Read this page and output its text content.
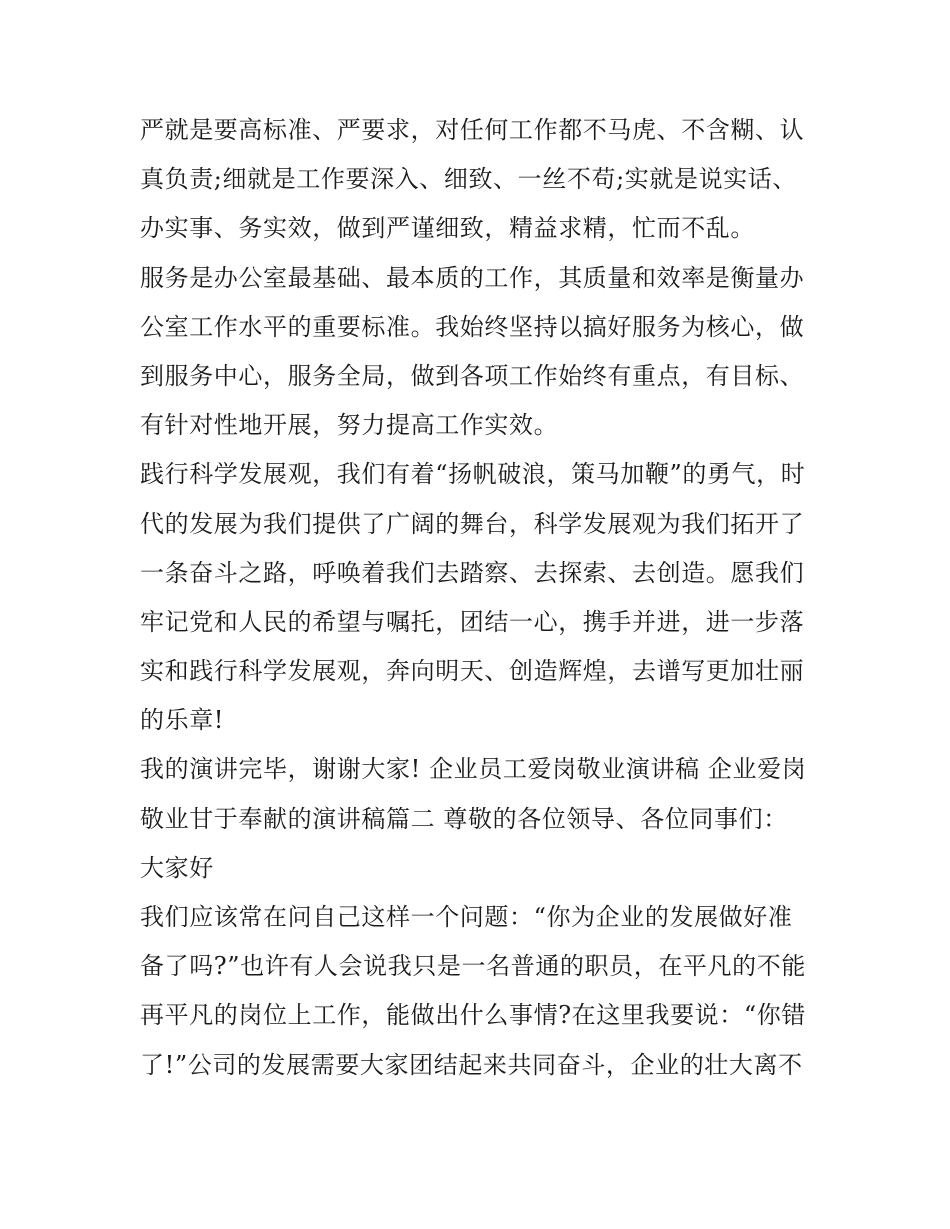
严就是要高标准、严要求，对任何工作都不马虎、不含糊、认
真负责;细就是工作要深入、细致、一丝不苟;实就是说实话、
办实事、务实效，做到严谨细致，精益求精，忙而不乱。
服务是办公室最基础、最本质的工作，其质量和效率是衡量办
公室工作水平的重要标准。我始终坚持以搞好服务为核心，做
到服务中心，服务全局，做到各项工作始终有重点，有目标、
有针对性地开展，努力提高工作实效。
践行科学发展观，我们有着“扬帆破浪，策马加鞭”的勇气，时
代的发展为我们提供了广阔的舞台，科学发展观为我们拓开了
一条奋斗之路，呼唤着我们去踏察、去探索、去创造。愿我们
牢记党和人民的希望与嘱托，团结一心，携手并进，进一步落
实和践行科学发展观，奔向明天、创造辉煌，去谱写更加壮丽
的乐章!
我的演讲完毕，谢谢大家! 企业员工爱岗敬业演讲稿 企业爱岗
敬业甘于奉献的演讲稿篇二 尊敬的各位领导、各位同事们：
大家好
我们应该常在问自己这样一个问题：“你为企业的发展做好准
备了吗?”也许有人会说我只是一名普通的职员，在平凡的不能
再平凡的岗位上工作，能做出什么事情?在这里我要说：“你错
了!”公司的发展需要大家团结起来共同奋斗，企业的壮大离不
